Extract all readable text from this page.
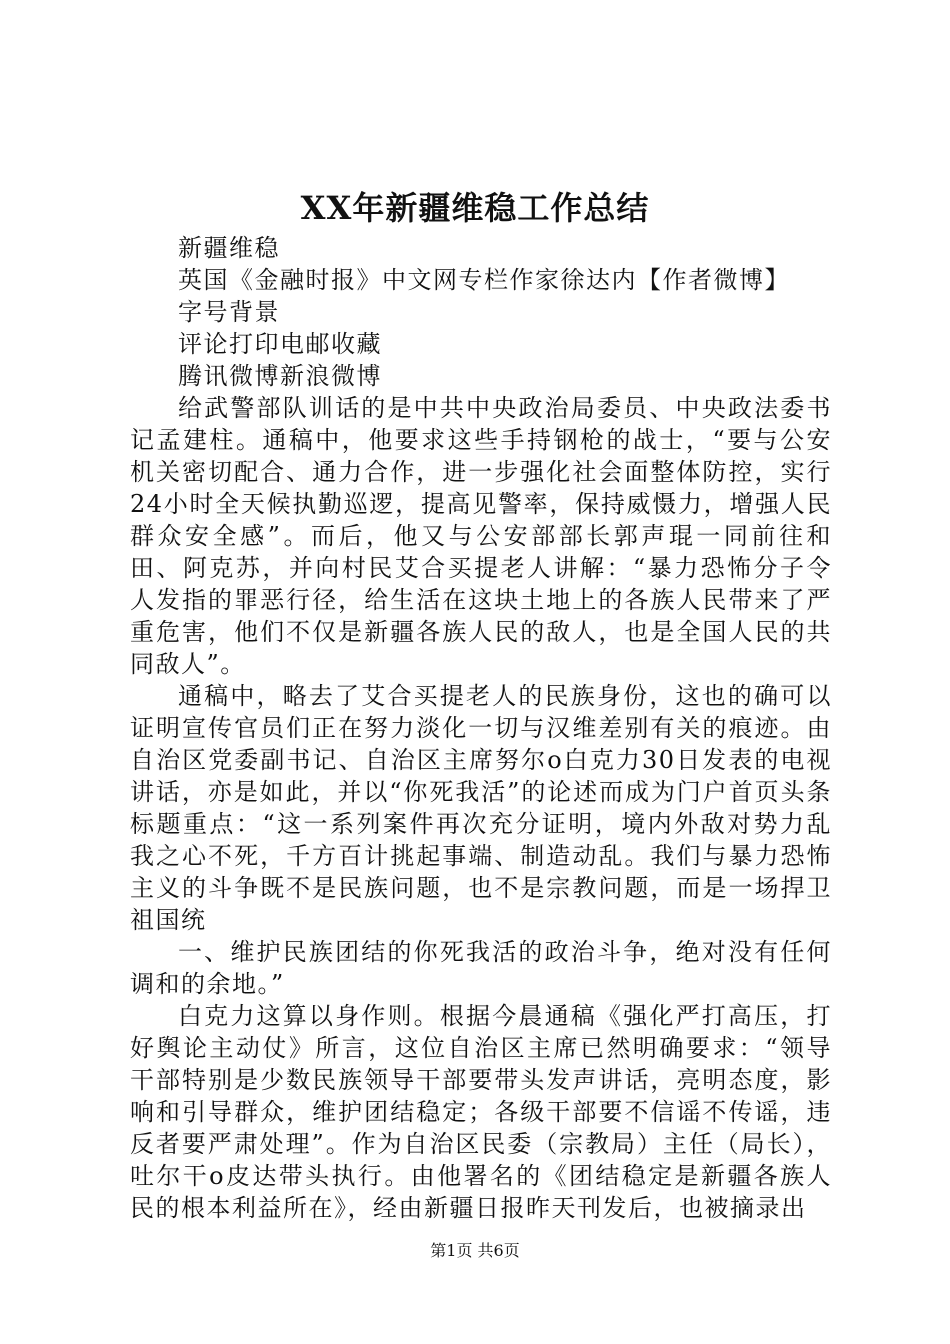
XX年新疆维稳工作总结

新疆维稳

英国《金融时报》中文网专栏作家徐达内【作者微博】

字号背景

评论打印电邮收藏

腾讯微博新浪微博

给武警部队训话的是中共中央政治局委员、中央政法委书记孟建柱。通稿中，他要求这些手持钢枪的战士，“要与公安机关密切配合、通力合作，进一步强化社会面整体防控，实行24小时全天候执勤巡逻，提高见警率，保持威慑力，增强人民群众安全感”。而后，他又与公安部部长郭声琨一同前往和田、阿克苏，并向村民艾合买提老人讲解：“暴力恐怖分子令人发指的罪恶行径，给生活在这块土地上的各族人民带来了严重危害，他们不仅是新疆各族人民的敌人，也是全国人民的共同敌人”。

通稿中，略去了艾合买提老人的民族身份，这也的确可以证明宣传官员们正在努力淡化一切与汉维差别有关的痕迹。由自治区党委副书记、自治区主席努尔o白克力30日发表的电视讲话，亦是如此，并以“你死我活”的论述而成为门户首页头条标题重点：“这一系列案件再次充分证明，境内外敌对势力乱我之心不死，千方百计挑起事端、制造动乱。我们与暴力恐怖主义的斗争既不是民族问题，也不是宗教问题，而是一场捍卫祖国统

一、维护民族团结的你死我活的政治斗争，绝对没有任何调和的余地。”

白克力这算以身作则。根据今晨通稿《强化严打高压，打好舆论主动仗》所言，这位自治区主席已然明确要求：“领导干部特别是少数民族领导干部要带头发声讲话，亮明态度，影响和引导群众，维护团结稳定；各级干部要不信谣不传谣，违反者要严肃处理”。作为自治区民委（宗教局）主任（局长），吐尔干o皮达带头执行。由他署名的《团结稳定是新疆各族人民的根本利益所在》，经由新疆日报昨天刊发后，也被摘录出

第1页 共6页
